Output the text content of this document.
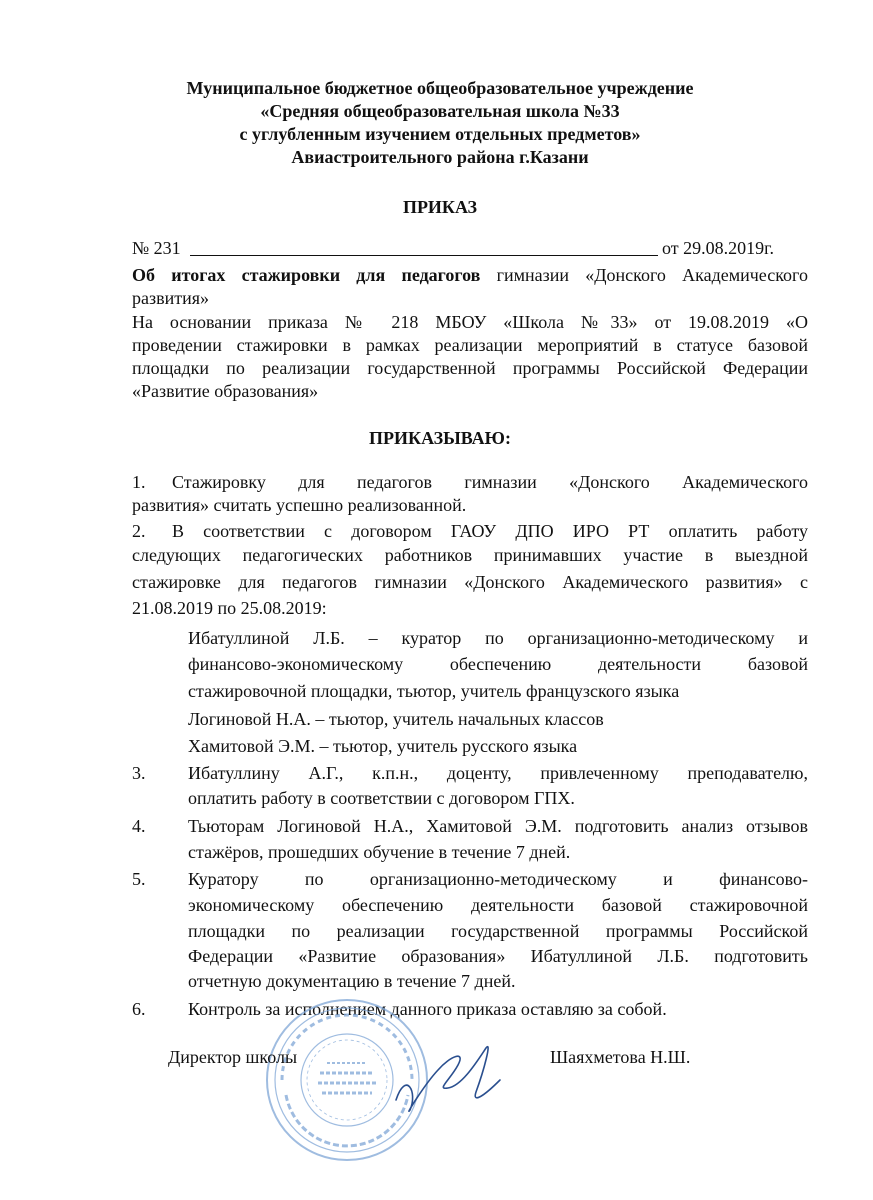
Муниципальное бюджетное общеобразовательное учреждение
«Средняя общеобразовательная школа №33
с углубленным изучением отдельных предметов»
Авиастроительного района г.Казани
ПРИКАЗ
№ 231	от 29.08.2019г.
Об итогах стажировки для педагогов гимназии «Донского Академического
развития»
На основании приказа № 218 МБОУ «Школа №33» от 19.08.2019 «О
проведении стажировки в рамках реализации мероприятий в статусе базовой
площадки по реализации государственной программы Российской Федерации
«Развитие образования»
ПРИКАЗЫВАЮ:
1. Стажировку для педагогов гимназии «Донского Академического
развития» считать успешно реализованной.
2. В соответствии с договором ГАОУ ДПО ИРО РТ оплатить работу
следующих педагогических работников принимавших участие в выездной
стажировке для педагогов гимназии «Донского Академического развития» с
21.08.2019 по 25.08.2019:
Ибатуллиной Л.Б. – куратор по организационно-методическому и
финансово-экономическому обеспечению деятельности базовой
стажировочной площадки, тьютор, учитель французского языка
Логиновой Н.А. – тьютор, учитель начальных классов
Хамитовой Э.М. – тьютор, учитель русского языка
3. Ибатуллину А.Г., к.п.н., доценту, привлеченному преподавателю,
оплатить работу в соответствии с договором ГПХ.
4. Тьюторам Логиновой Н.А., Хамитовой Э.М. подготовить анализ отзывов
стажёров, прошедших обучение в течение 7 дней.
5. Куратору по организационно-методическому и финансово-
экономическому обеспечению деятельности базовой стажировочной
площадки по реализации государственной программы Российской
Федерации «Развитие образования» Ибатуллиной Л.Б. подготовить
отчетную документацию в течение 7 дней.
6. Контроль за исполнением данного приказа оставляю за собой.
Директор школы	Шаяхметова Н.Ш.
